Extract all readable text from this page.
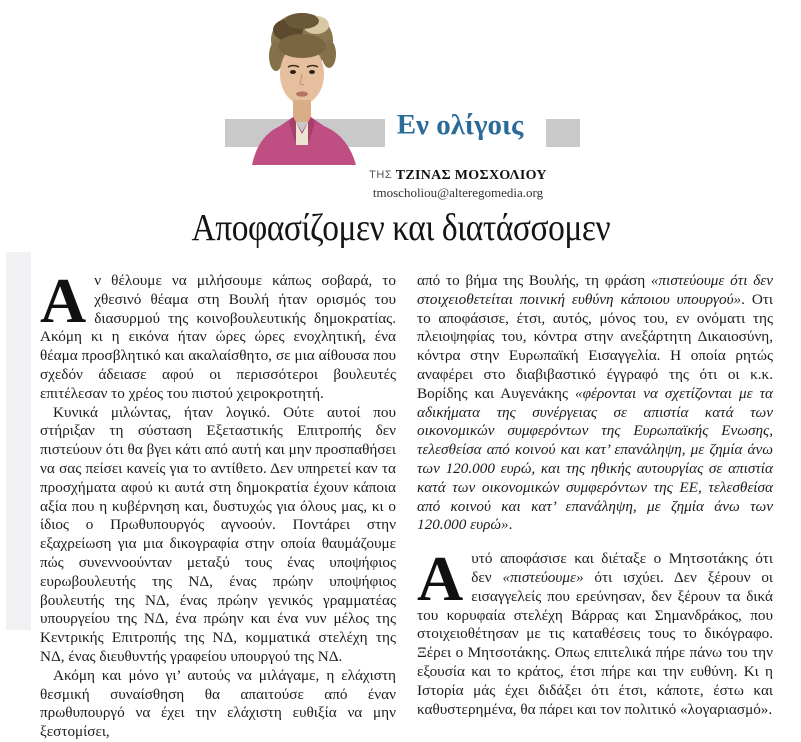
Εν ολίγοις
ΤΗΣ ΤΖΙΝΑΣ ΜΟΣΧΟΛΙΟΥ
tmoscholiou@alteregomedia.org
Αποφασίζομεν και διατάσσομεν

Αν θέλουμε να μιλήσουμε κάπως σοβαρά, το χθεσινό θέαμα στη Βουλή ήταν ορισμός του διασυρμού της κοινοβουλευτικής δημοκρατίας. Ακόμη κι η εικόνα ήταν ώρες ώρες ενοχλητική, ένα θέαμα προσβλητικό και ακαλαίσθητο, σε μια αίθουσα που σχεδόν άδειασε αφού οι περισσότεροι βουλευτές επιτέλεσαν το χρέος του πιστού χειροκροτητή.

Κυνικά μιλώντας, ήταν λογικό. Ούτε αυτοί που στήριξαν τη σύσταση Εξεταστικής Επιτροπής δεν πιστεύουν ότι θα βγει κάτι από αυτή και μην προσπαθήσει να σας πείσει κανείς για το αντίθετο. Δεν υπηρετεί καν τα προσχήματα αφού κι αυτά στη δημοκρατία έχουν κάποια αξία που η κυβέρνηση και, δυστυχώς για όλους μας, κι ο ίδιος ο Πρωθυπουργός αγνοούν. Ποντάρει στην εξαχρείωση για μια δικογραφία στην οποία θαυμάζουμε πώς συνεννοούνταν μεταξύ τους ένας υποψήφιος ευρωβουλευτής της ΝΔ, ένας πρώην υποψήφιος βουλευτής της ΝΔ, ένας πρώην γενικός γραμματέας υπουργείου της ΝΔ, ένα πρώην και ένα νυν μέλος της Κεντρικής Επιτροπής της ΝΔ, κομματικά στελέχη της ΝΔ, ένας διευθυντής γραφείου υπουργού της ΝΔ.

Ακόμη και μόνο γι’ αυτούς να μιλάγαμε, η ελάχιστη θεσμική συναίσθηση θα απαιτούσε από έναν πρωθυπουργό να έχει την ελάχιστη ευθιξία να μην ξεστομίσει,

από το βήμα της Βουλής, τη φράση «πιστεύουμε ότι δεν στοιχειοθετείται ποινική ευθύνη κάποιου υπουργού». Οτι το αποφάσισε, έτσι, αυτός, μόνος του, εν ονόματι της πλειοψηφίας του, κόντρα στην ανεξάρτητη Δικαιοσύνη, κόντρα στην Ευρωπαϊκή Εισαγγελία. Η οποία ρητώς αναφέρει στο διαβιβαστικό έγγραφό της ότι οι κ.κ. Βορίδης και Αυγενάκης «φέρονται να σχετίζονται με τα αδικήματα της συνέργειας σε απιστία κατά των οικονομικών συμφερόντων της Ευρωπαϊκής Ενωσης, τελεσθείσα από κοινού και κατ’ επανάληψη, με ζημία άνω των 120.000 ευρώ, και της ηθικής αυτουργίας σε απιστία κατά των οικονομικών συμφερόντων της ΕΕ, τελεσθείσα από κοινού και κατ’ επανάληψη, με ζημία άνω των 120.000 ευρώ».

Αυτό αποφάσισε και διέταξε ο Μητσοτάκης ότι δεν «πιστεύουμε» ότι ισχύει. Δεν ξέρουν οι εισαγγελείς που ερεύνησαν, δεν ξέρουν τα δικά του κορυφαία στελέχη Βάρρας και Σημανδράκος, που στοιχειοθέτησαν με τις καταθέσεις τους το δικόγραφο. Ξέρει ο Μητσοτάκης. Οπως επιτελικά πήρε πάνω του την εξουσία και το κράτος, έτσι πήρε και την ευθύνη. Κι η Ιστορία μάς έχει διδάξει ότι έτσι, κάποτε, έστω και καθυστερημένα, θα πάρει και τον πολιτικό «λογαριασμό».
